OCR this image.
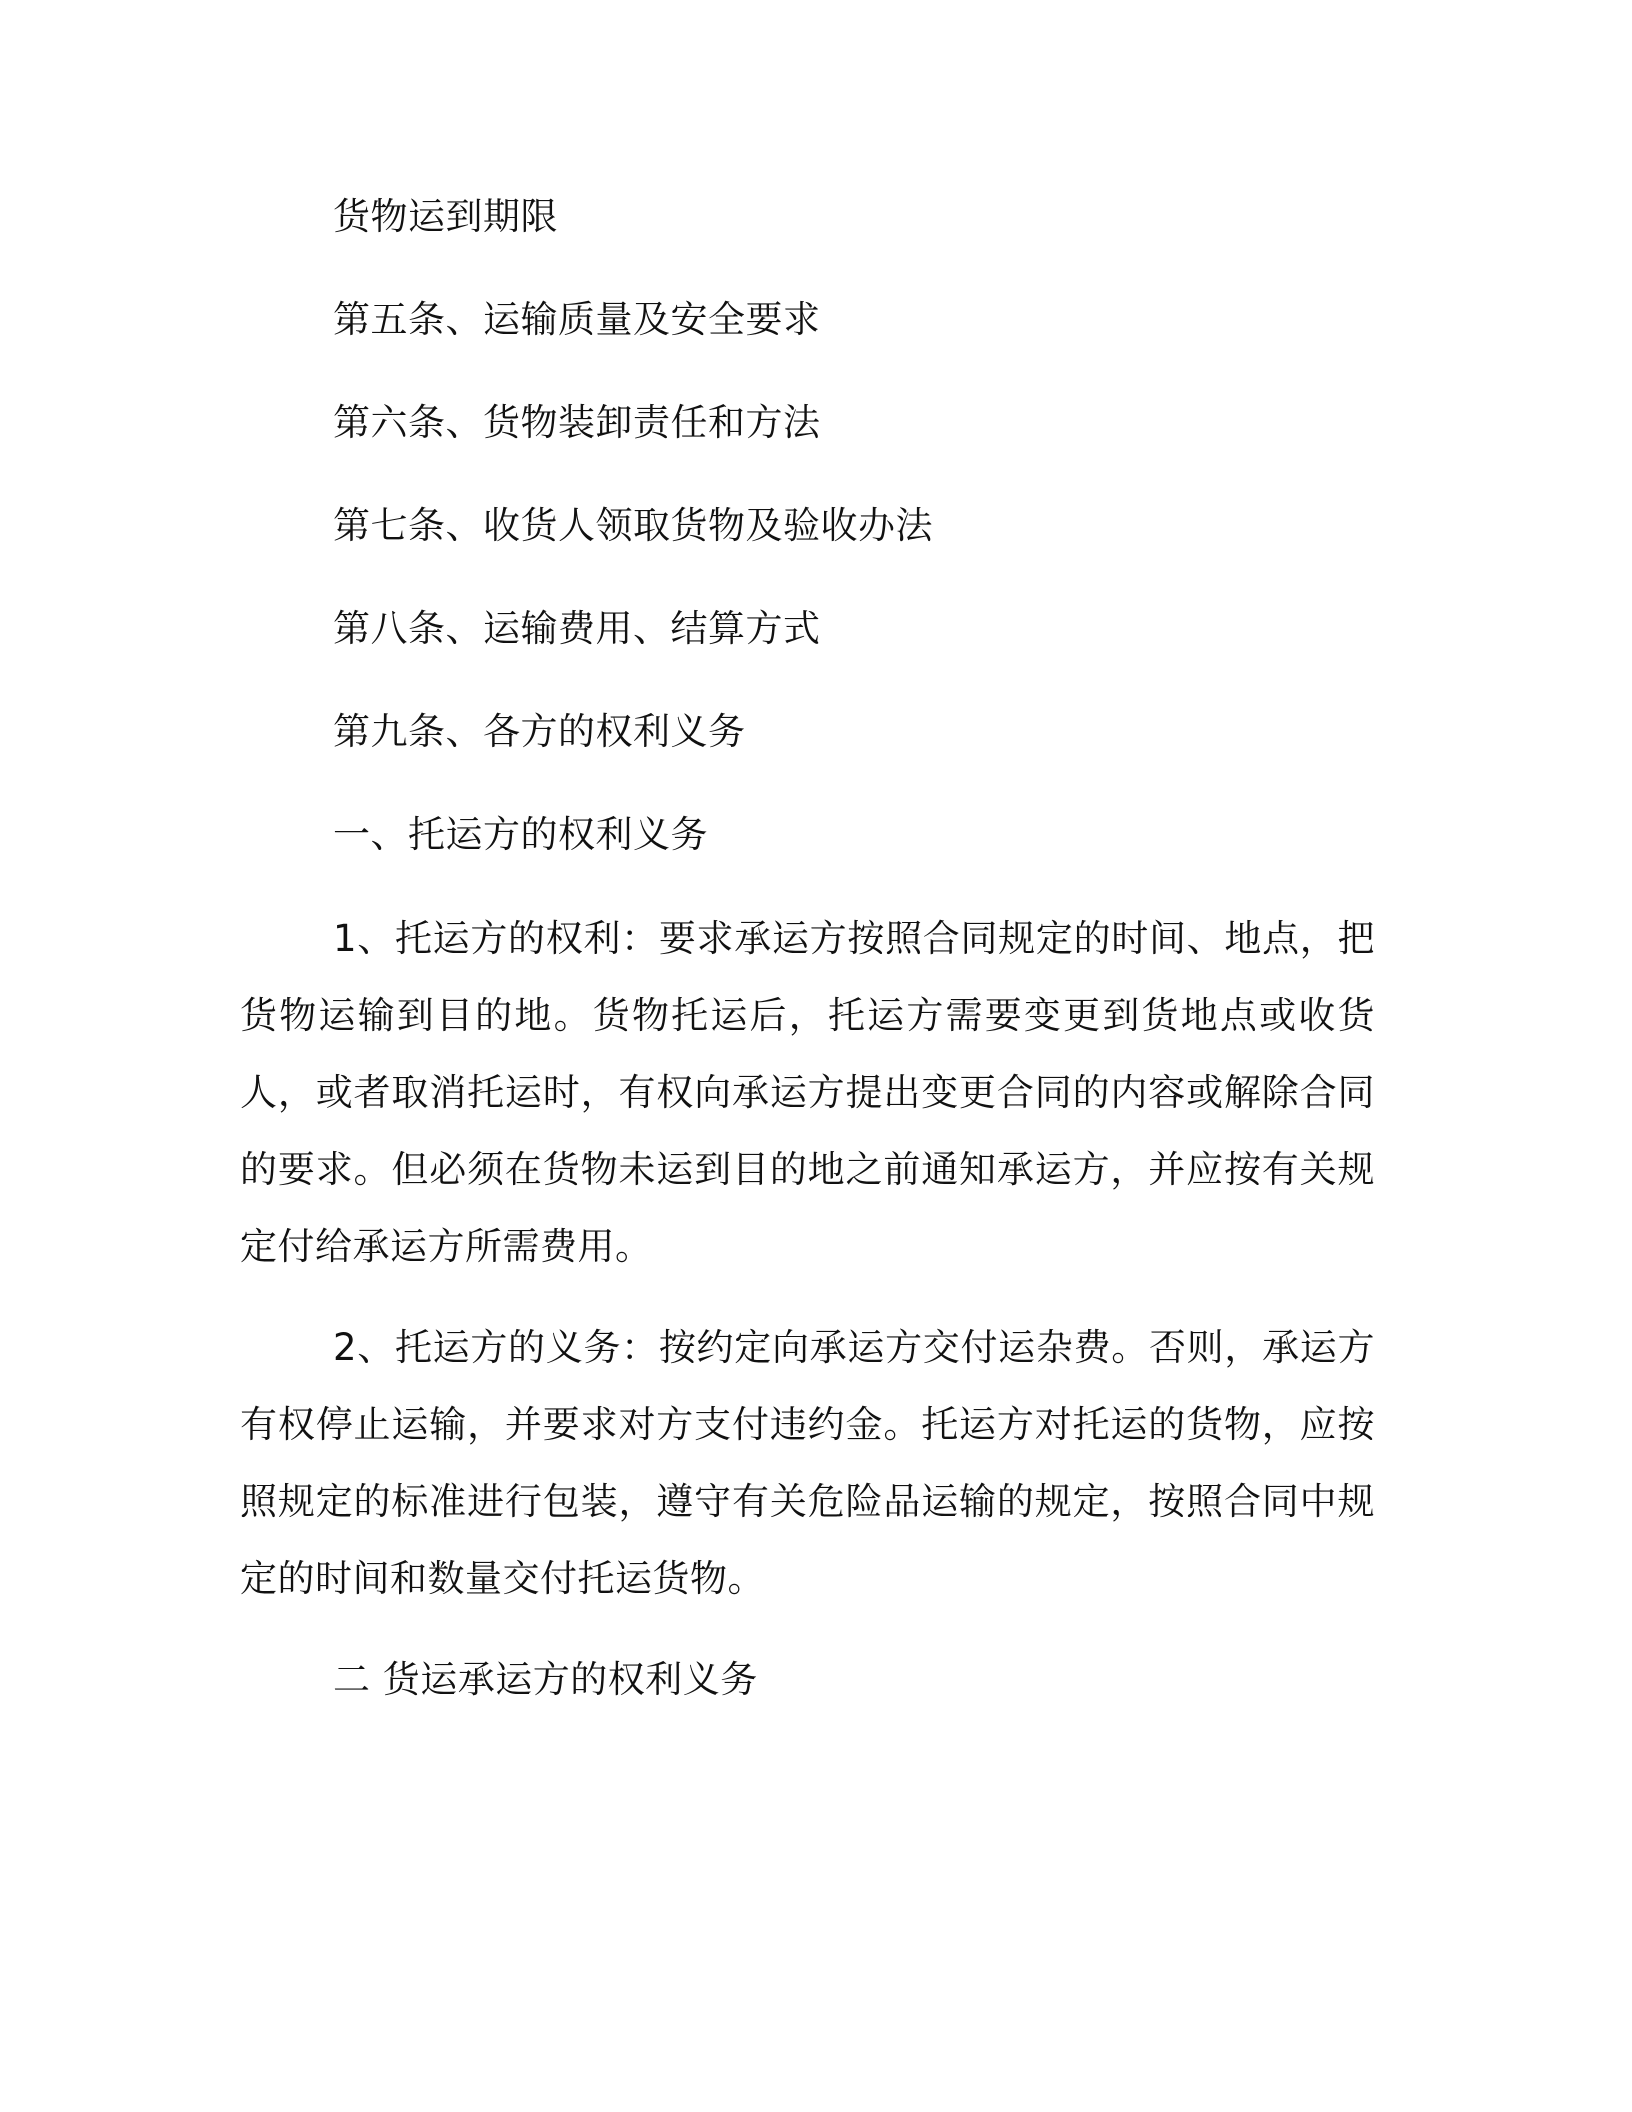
货物运到期限
第五条、运输质量及安全要求
第六条、货物装卸责任和方法
第七条、收货人领取货物及验收办法
第八条、运输费用、结算方式
第九条、各方的权利义务
一、托运方的权利义务
1、托运方的权利：要求承运方按照合同规定的时间、地点，把货物运输到目的地。货物托运后，托运方需要变更到货地点或收货人，或者取消托运时，有权向承运方提出变更合同的内容或解除合同的要求。但必须在货物未运到目的地之前通知承运方，并应按有关规定付给承运方所需费用。
2、托运方的义务：按约定向承运方交付运杂费。否则，承运方有权停止运输，并要求对方支付违约金。托运方对托运的货物，应按照规定的标准进行包装，遵守有关危险品运输的规定，按照合同中规定的时间和数量交付托运货物。
二 货运承运方的权利义务
